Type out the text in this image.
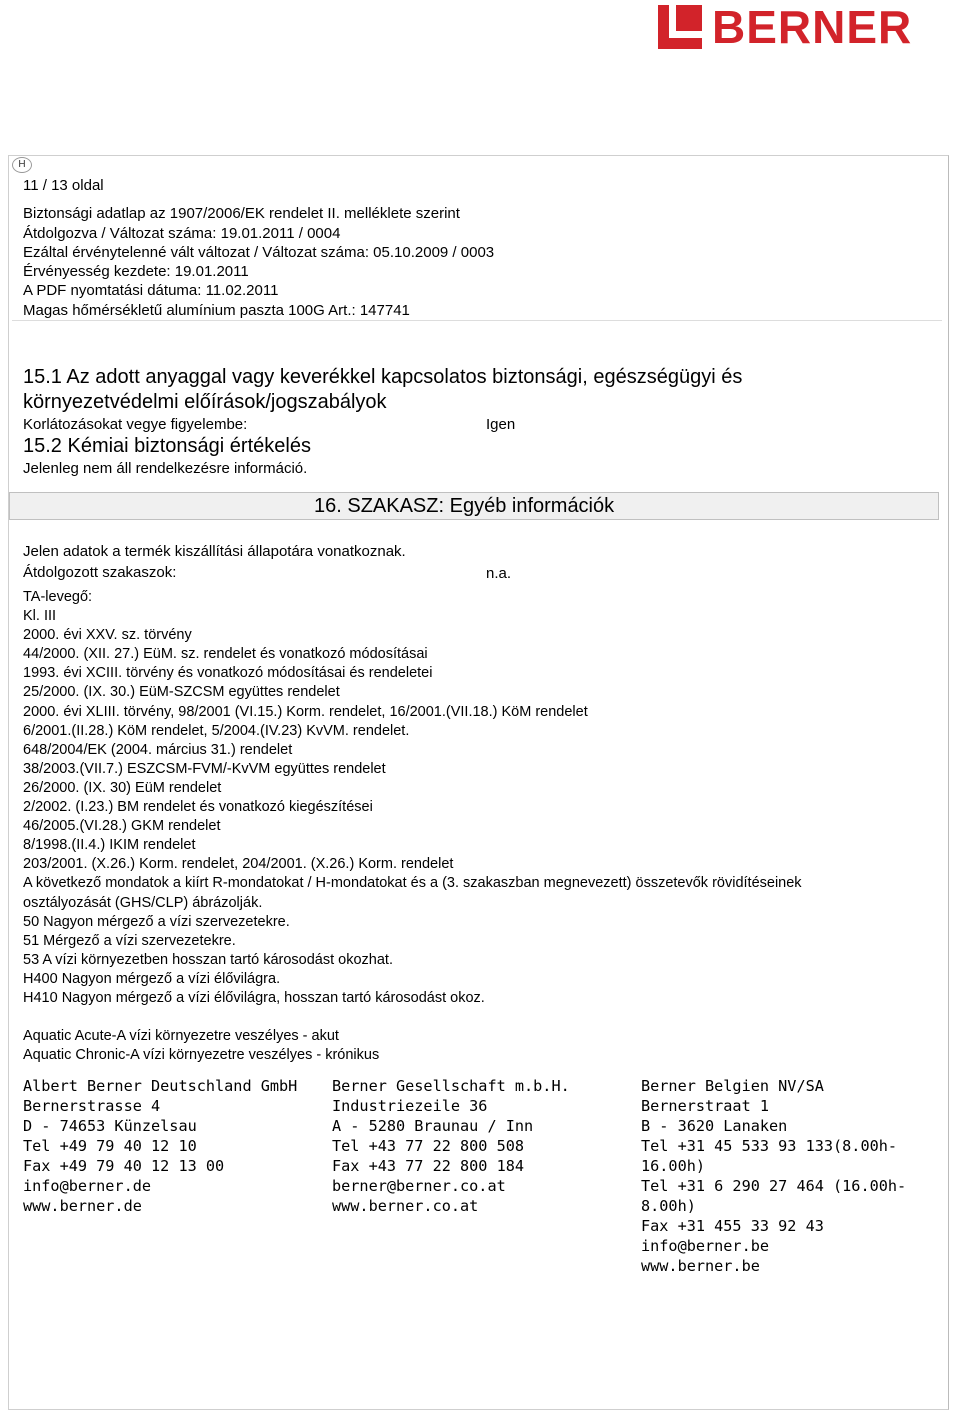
BERNER
H
11 / 13 oldal
Biztonsági adatlap az 1907/2006/EK rendelet II. melléklete szerint
Átdolgozva / Változat száma: 19.01.2011 / 0004
Ezáltal érvénytelenné vált változat / Változat száma: 05.10.2009 / 0003
Érvényesség kezdete: 19.01.2011
A PDF nyomtatási dátuma: 11.02.2011
Magas hőmérsékletű alumínium paszta 100G Art.: 147741
15.1 Az adott anyaggal vagy keverékkel kapcsolatos biztonsági, egészségügyi és
környezetvédelmi előírások/jogszabályok
Korlátozásokat vegye figyelembe:	Igen
15.2 Kémiai biztonsági értékelés
Jelenleg nem áll rendelkezésre információ.
16. SZAKASZ: Egyéb információk
Jelen adatok a termék kiszállítási állapotára vonatkoznak.
Átdolgozott szakaszok:	n.a.
TA-levegő:
Kl. III
2000. évi XXV. sz. törvény
44/2000. (XII. 27.) EüM. sz. rendelet és vonatkozó módosításai
1993. évi XCIII. törvény és vonatkozó módosításai és rendeletei
25/2000. (IX. 30.) EüM-SZCSM együttes rendelet
2000. évi XLIII. törvény, 98/2001 (VI.15.) Korm. rendelet, 16/2001.(VII.18.) KöM rendelet
6/2001.(II.28.) KöM rendelet, 5/2004.(IV.23) KvVM. rendelet.
648/2004/EK (2004. március 31.) rendelet
38/2003.(VII.7.) ESZCSM-FVM/-KvVM együttes rendelet
26/2000. (IX. 30) EüM rendelet
2/2002. (I.23.) BM rendelet és vonatkozó kiegészítései
46/2005.(VI.28.) GKM rendelet
8/1998.(II.4.) IKIM rendelet
203/2001. (X.26.) Korm. rendelet, 204/2001. (X.26.) Korm. rendelet
A következő mondatok a kiírt R-mondatokat / H-mondatokat és a (3. szakaszban megnevezett) összetevők rövidítéseinek
osztályozását (GHS/CLP) ábrázolják.
50 Nagyon mérgező a vízi szervezetekre.
51 Mérgező a vízi szervezetekre.
53 A vízi környezetben hosszan tartó károsodást okozhat.
H400 Nagyon mérgező a vízi élővilágra.
H410 Nagyon mérgező a vízi élővilágra, hosszan tartó károsodást okoz.
Aquatic Acute-A vízi környezetre veszélyes - akut
Aquatic Chronic-A vízi környezetre veszélyes - krónikus
Albert Berner Deutschland GmbH
Bernerstrasse 4
D - 74653 Künzelsau
Tel +49 79 40 12 10
Fax +49 79 40 12 13 00
info@berner.de
www.berner.de
Berner Gesellschaft m.b.H.
Industriezeile 36
A - 5280 Braunau / Inn
Tel +43 77 22 800 508
Fax +43 77 22 800 184
berner@berner.co.at
www.berner.co.at
Berner Belgien NV/SA
Bernerstraat 1
B - 3620 Lanaken
Tel +31 45 533 93 133(8.00h-
16.00h)
Tel +31 6 290 27 464 (16.00h-
8.00h)
Fax +31 455 33 92 43
info@berner.be
www.berner.be
